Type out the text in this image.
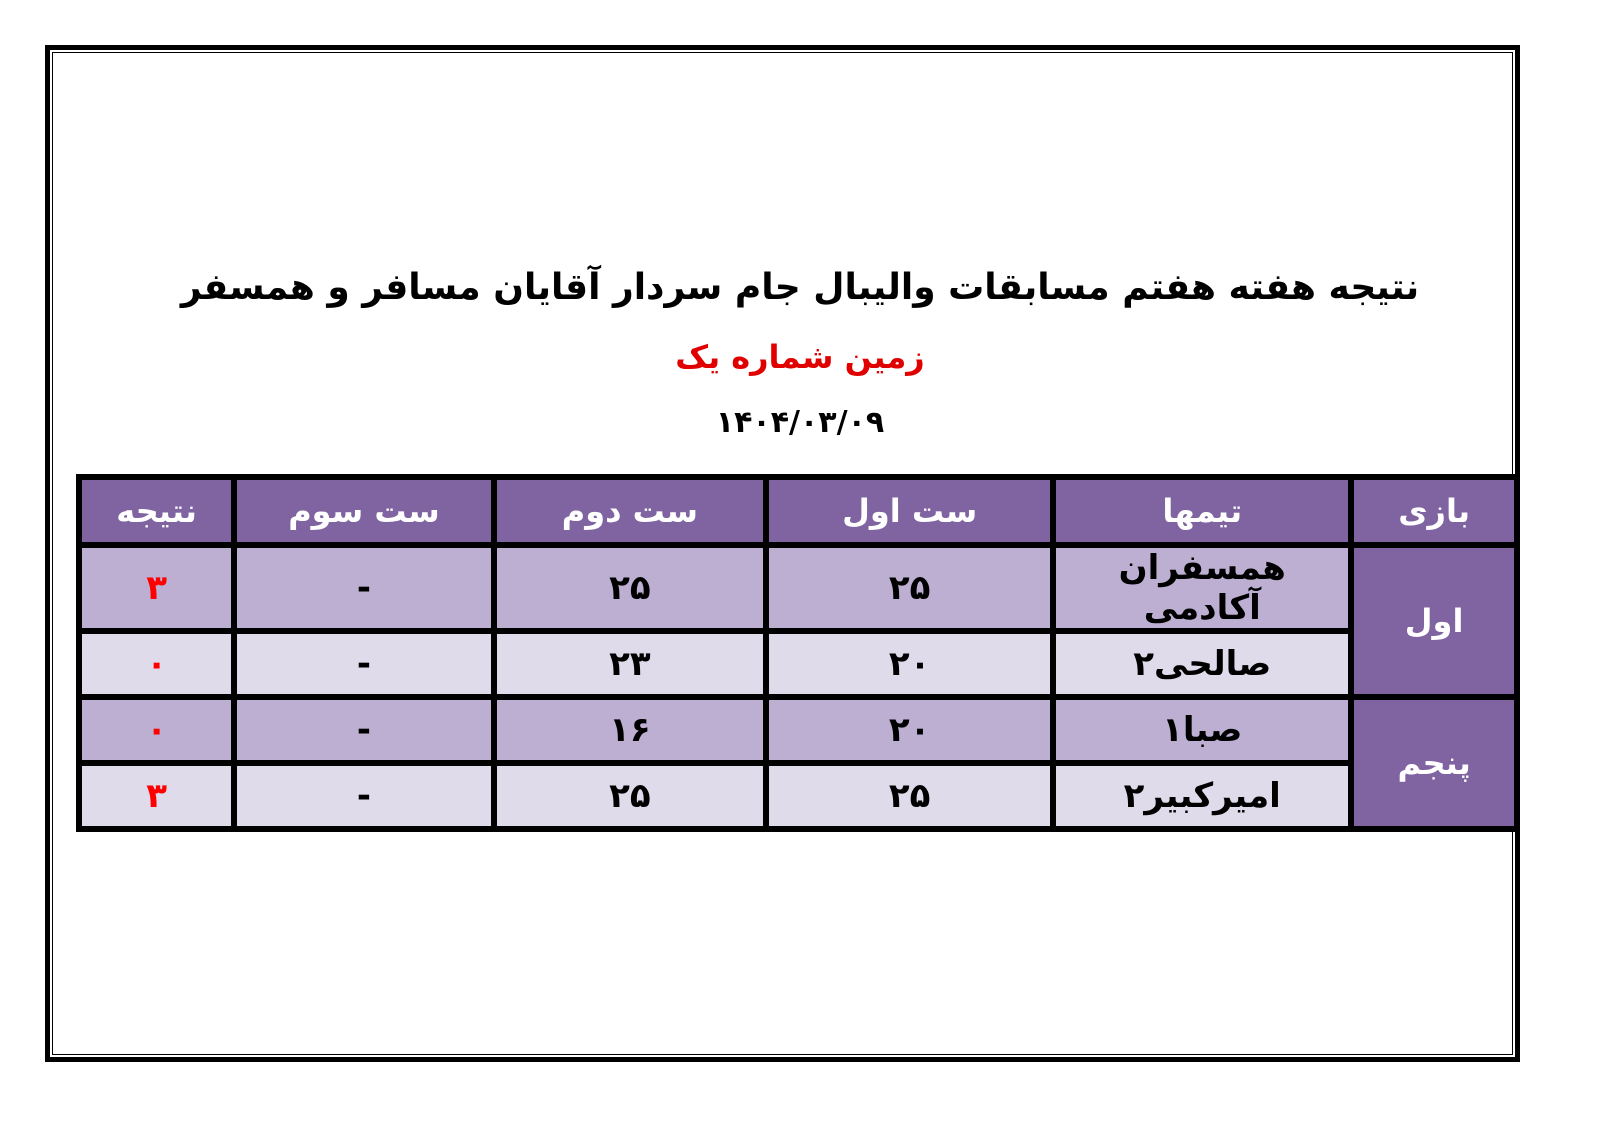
نتیجه هفته هفتم مسابقات والیبال جام سردار آقایان مسافر و همسفر
زمین شماره یک
۱۴۰۴/۰۳/۰۹
بازی	تیمها	ست اول	ست دوم	ست سوم	نتیجه
اول	همسفران آکادمی	۲۵	۲۵	-	۳
	صالحی۲	۲۰	۲۳	-	۰
پنجم	صبا۱	۲۰	۱۶	-	۰
	امیرکبیر۲	۲۵	۲۵	-	۳
